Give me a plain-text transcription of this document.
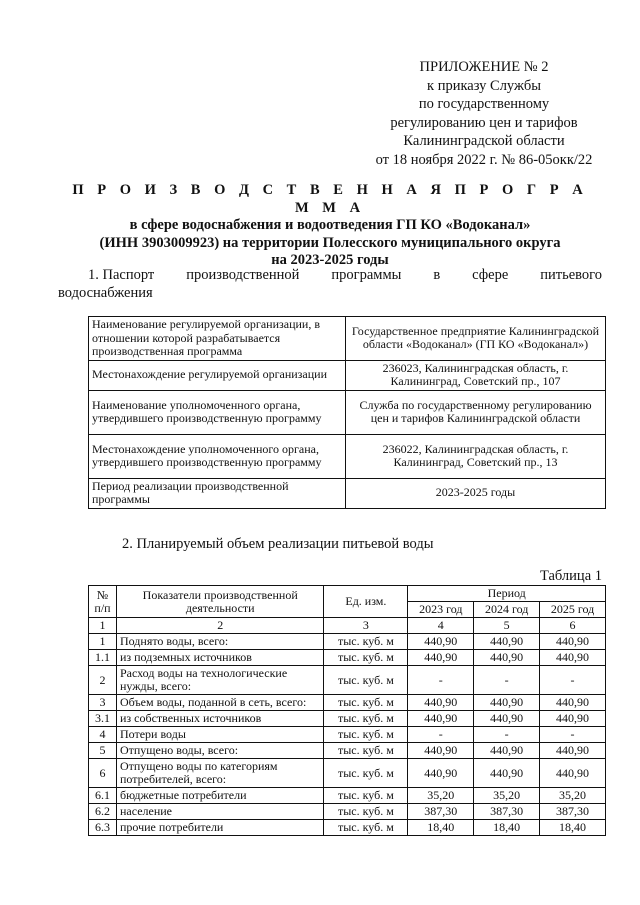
ПРИЛОЖЕНИЕ № 2
к приказу Службы
по государственному
регулированию цен и тарифов
Калининградской области
от 18 ноября 2022 г. № 86-05окк/22
П Р О И З В О Д С Т В Е Н Н А Я П Р О Г Р А М М А
в сфере водоснабжения и водоотведения ГП КО «Водоканал»
(ИНН 3903009923) на территории Полесского муниципального округа
на 2023-2025 годы
1. Паспорт производственной программы в сфере питьевого
водоснабжения
Наименование регулируемой организации, в отношении которой разрабатывается производственная программа	Государственное предприятие Калининградской области «Водоканал» (ГП КО «Водоканал»)
Местонахождение регулируемой организации	236023, Калининградская область, г. Калининград, Советский пр., 107
Наименование уполномоченного органа, утвердившего производственную программу	Служба по государственному регулированию цен и тарифов Калининградской области
Местонахождение уполномоченного органа, утвердившего производственную программу	236022, Калининградская область, г. Калининград, Советский пр., 13
Период реализации производственной программы	2023-2025 годы
2. Планируемый объем реализации питьевой воды
Таблица 1
№ п/п	Показатели производственной деятельности	Ед. изм.	Период		
			2023 год	2024 год	2025 год
1	2	3	4	5	6
1	Поднято воды, всего:	тыс. куб. м	440,90	440,90	440,90
1.1	из подземных источников	тыс. куб. м	440,90	440,90	440,90
2	Расход воды на технологические нужды, всего:	тыс. куб. м	-	-	-
3	Объем воды, поданной в сеть, всего:	тыс. куб. м	440,90	440,90	440,90
3.1	из собственных источников	тыс. куб. м	440,90	440,90	440,90
4	Потери воды	тыс. куб. м	-	-	-
5	Отпущено воды, всего:	тыс. куб. м	440,90	440,90	440,90
6	Отпущено воды по категориям потребителей, всего:	тыс. куб. м	440,90	440,90	440,90
6.1	бюджетные потребители	тыс. куб. м	35,20	35,20	35,20
6.2	население	тыс. куб. м	387,30	387,30	387,30
6.3	прочие потребители	тыс. куб. м	18,40	18,40	18,40
